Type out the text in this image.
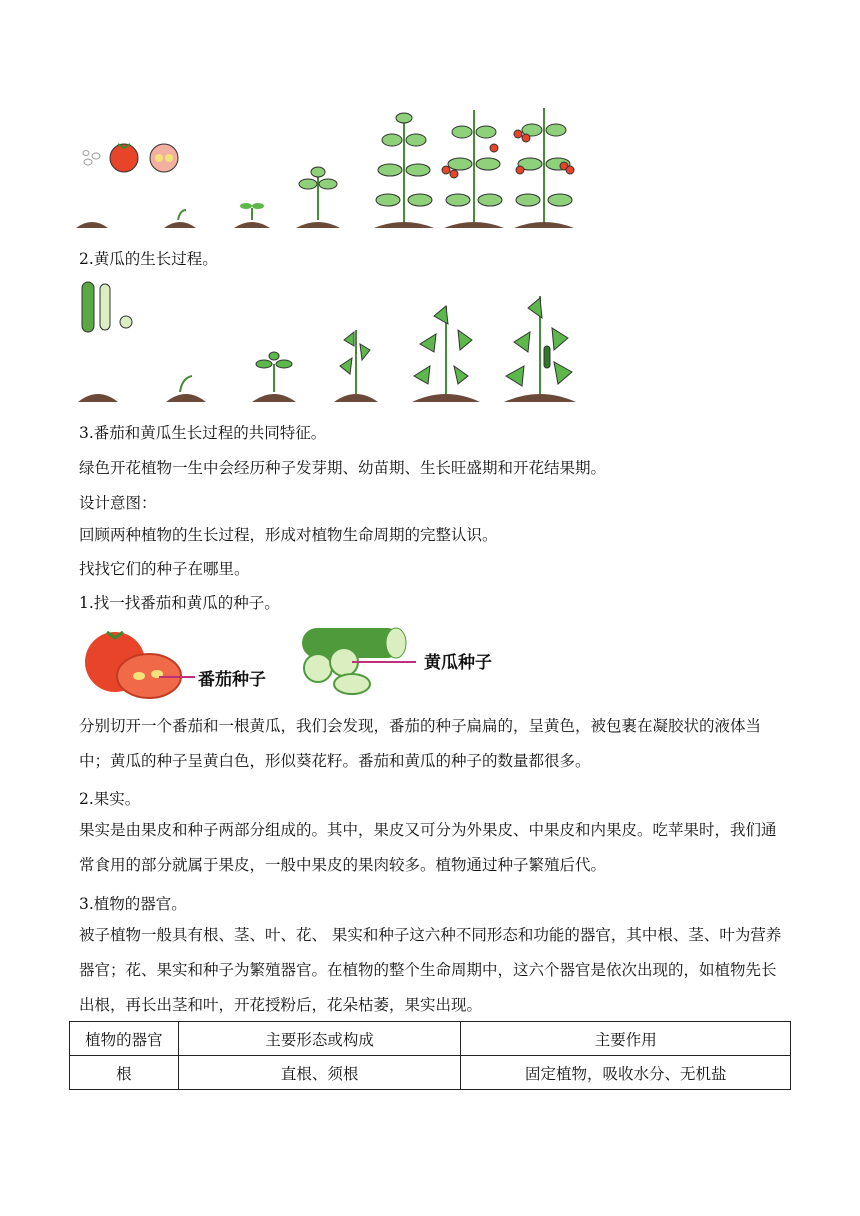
2.黄瓜的生长过程。
3.番茄和黄瓜生长过程的共同特征。
绿色开花植物一生中会经历种子发芽期、幼苗期、生长旺盛期和开花结果期。
设计意图：
回顾两种植物的生长过程，形成对植物生命周期的完整认识。
找找它们的种子在哪里。
1.找一找番茄和黄瓜的种子。
番茄种子
黄瓜种子

分别切开一个番茄和一根黄瓜，我们会发现，番茄的种子扁扁的，呈黄色，被包裹在凝胶状的液体当中；黄瓜的种子呈黄白色，形似葵花籽。番茄和黄瓜的种子的数量都很多。

2.果实。

果实是由果皮和种子两部分组成的。其中，果皮又可分为外果皮、中果皮和内果皮。吃苹果时，我们通常食用的部分就属于果皮，一般中果皮的果肉较多。植物通过种子繁殖后代。

3.植物的器官。

被子植物一般具有根、茎、叶、花、 果实和种子这六种不同形态和功能的器官，其中根、茎、叶为营养器官；花、果实和种子为繁殖器官。在植物的整个生命周期中，这六个器官是依次出现的，如植物先长出根，再长出茎和叶，开花授粉后，花朵枯萎，果实出现。

植物的器官	主要形态或构成	主要作用
根	直根、须根	固定植物，吸收水分、无机盐
